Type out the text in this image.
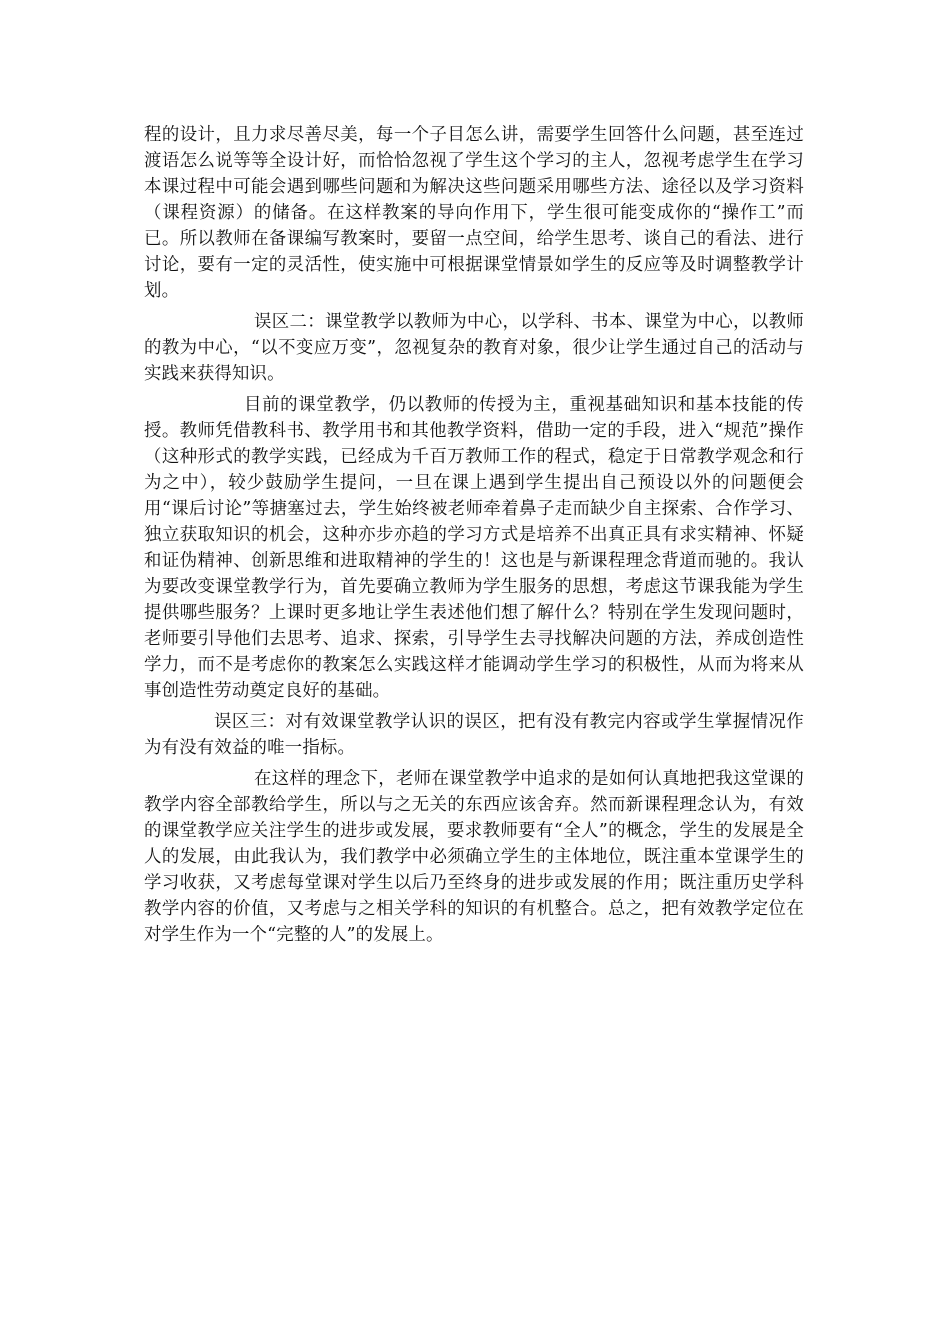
程的设计，且力求尽善尽美，每一个子目怎么讲，需要学生回答什么问题，甚至连过渡语怎么说等等全设计好，而恰恰忽视了学生这个学习的主人，忽视考虑学生在学习本课过程中可能会遇到哪些问题和为解决这些问题采用哪些方法、途径以及学习资料（课程资源）的储备。在这样教案的导向作用下，学生很可能变成你的“操作工”而已。所以教师在备课编写教案时，要留一点空间，给学生思考、谈自己的看法、进行讨论，要有一定的灵活性，使实施中可根据课堂情景如学生的反应等及时调整教学计划。

误区二：课堂教学以教师为中心，以学科、书本、课堂为中心，以教师的教为中心，“以不变应万变”，忽视复杂的教育对象，很少让学生通过自己的活动与实践来获得知识。

目前的课堂教学，仍以教师的传授为主，重视基础知识和基本技能的传授。教师凭借教科书、教学用书和其他教学资料，借助一定的手段，进入“规范”操作（这种形式的教学实践，已经成为千百万教师工作的程式，稳定于日常教学观念和行为之中），较少鼓励学生提问，一旦在课上遇到学生提出自己预设以外的问题便会用“课后讨论”等搪塞过去，学生始终被老师牵着鼻子走而缺少自主探索、合作学习、独立获取知识的机会，这种亦步亦趋的学习方式是培养不出真正具有求实精神、怀疑和证伪精神、创新思维和进取精神的学生的！这也是与新课程理念背道而驰的。我认为要改变课堂教学行为，首先要确立教师为学生服务的思想，考虑这节课我能为学生提供哪些服务？上课时更多地让学生表述他们想了解什么？特别在学生发现问题时，老师要引导他们去思考、追求、探索，引导学生去寻找解决问题的方法，养成创造性学力，而不是考虑你的教案怎么实践这样才能调动学生学习的积极性，从而为将来从事创造性劳动奠定良好的基础。

误区三：对有效课堂教学认识的误区，把有没有教完内容或学生掌握情况作为有没有效益的唯一指标。

在这样的理念下，老师在课堂教学中追求的是如何认真地把我这堂课的教学内容全部教给学生，所以与之无关的东西应该舍弃。然而新课程理念认为，有效的课堂教学应关注学生的进步或发展，要求教师要有“全人”的概念，学生的发展是全人的发展，由此我认为，我们教学中必须确立学生的主体地位，既注重本堂课学生的学习收获，又考虑每堂课对学生以后乃至终身的进步或发展的作用；既注重历史学科教学内容的价值，又考虑与之相关学科的知识的有机整合。总之，把有效教学定位在对学生作为一个“完整的人”的发展上。
